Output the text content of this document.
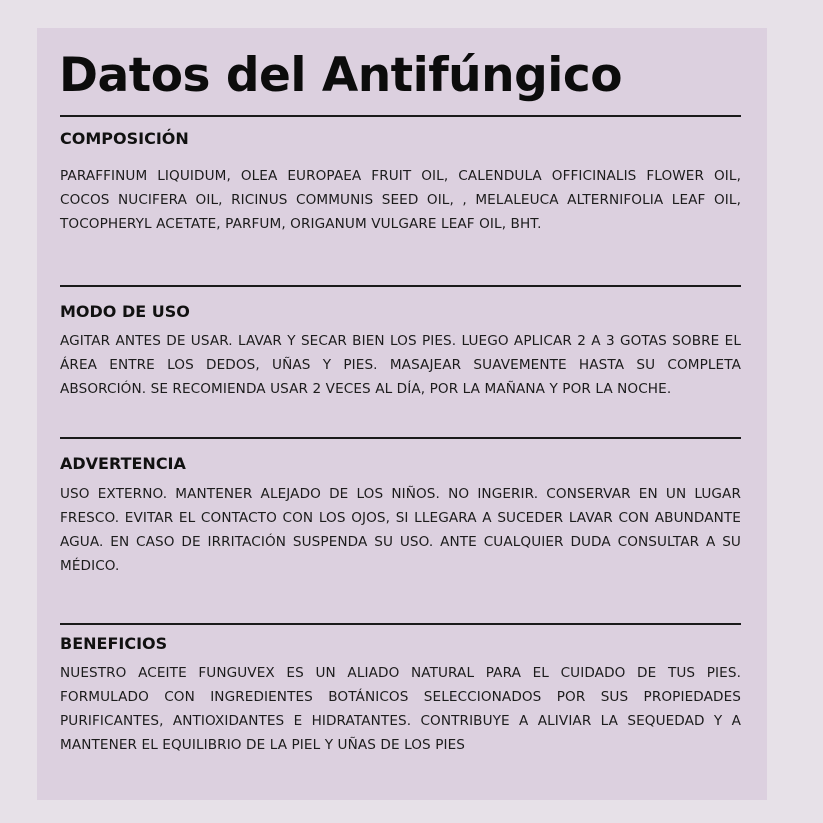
Datos del Antifúngico
COMPOSICIÓN

PARAFFINUM LIQUIDUM, OLEA EUROPAEA FRUIT OIL, CALENDULA OFFICINALIS FLOWER OIL, COCOS NUCIFERA OIL, RICINUS COMMUNIS SEED OIL, , MELALEUCA ALTERNIFOLIA LEAF OIL, TOCOPHERYL ACETATE, PARFUM, ORIGANUM VULGARE LEAF OIL, BHT.

MODO DE USO

AGITAR ANTES DE USAR. LAVAR Y SECAR BIEN LOS PIES. LUEGO APLICAR 2 A 3 GOTAS SOBRE EL ÁREA ENTRE LOS DEDOS, UÑAS Y PIES. MASAJEAR SUAVEMENTE HASTA SU COMPLETA ABSORCIÓN. SE RECOMIENDA USAR 2 VECES AL DÍA, POR LA MAÑANA Y POR LA NOCHE.

ADVERTENCIA

USO EXTERNO. MANTENER ALEJADO DE LOS NIÑOS. NO INGERIR. CONSERVAR EN UN LUGAR FRESCO. EVITAR EL CONTACTO CON LOS OJOS, SI LLEGARA A SUCEDER LAVAR CON ABUNDANTE AGUA. EN CASO DE IRRITACIÓN SUSPENDA SU USO. ANTE CUALQUIER DUDA CONSULTAR A SU MÉDICO.

BENEFICIOS

NUESTRO ACEITE FUNGUVEX ES UN ALIADO NATURAL PARA EL CUIDADO DE TUS PIES. FORMULADO CON INGREDIENTES BOTÁNICOS SELECCIONADOS POR SUS PROPIEDADES PURIFICANTES, ANTIOXIDANTES E HIDRATANTES. CONTRIBUYE A ALIVIAR LA SEQUEDAD Y A MANTENER EL EQUILIBRIO DE LA PIEL Y UÑAS DE LOS PIES
